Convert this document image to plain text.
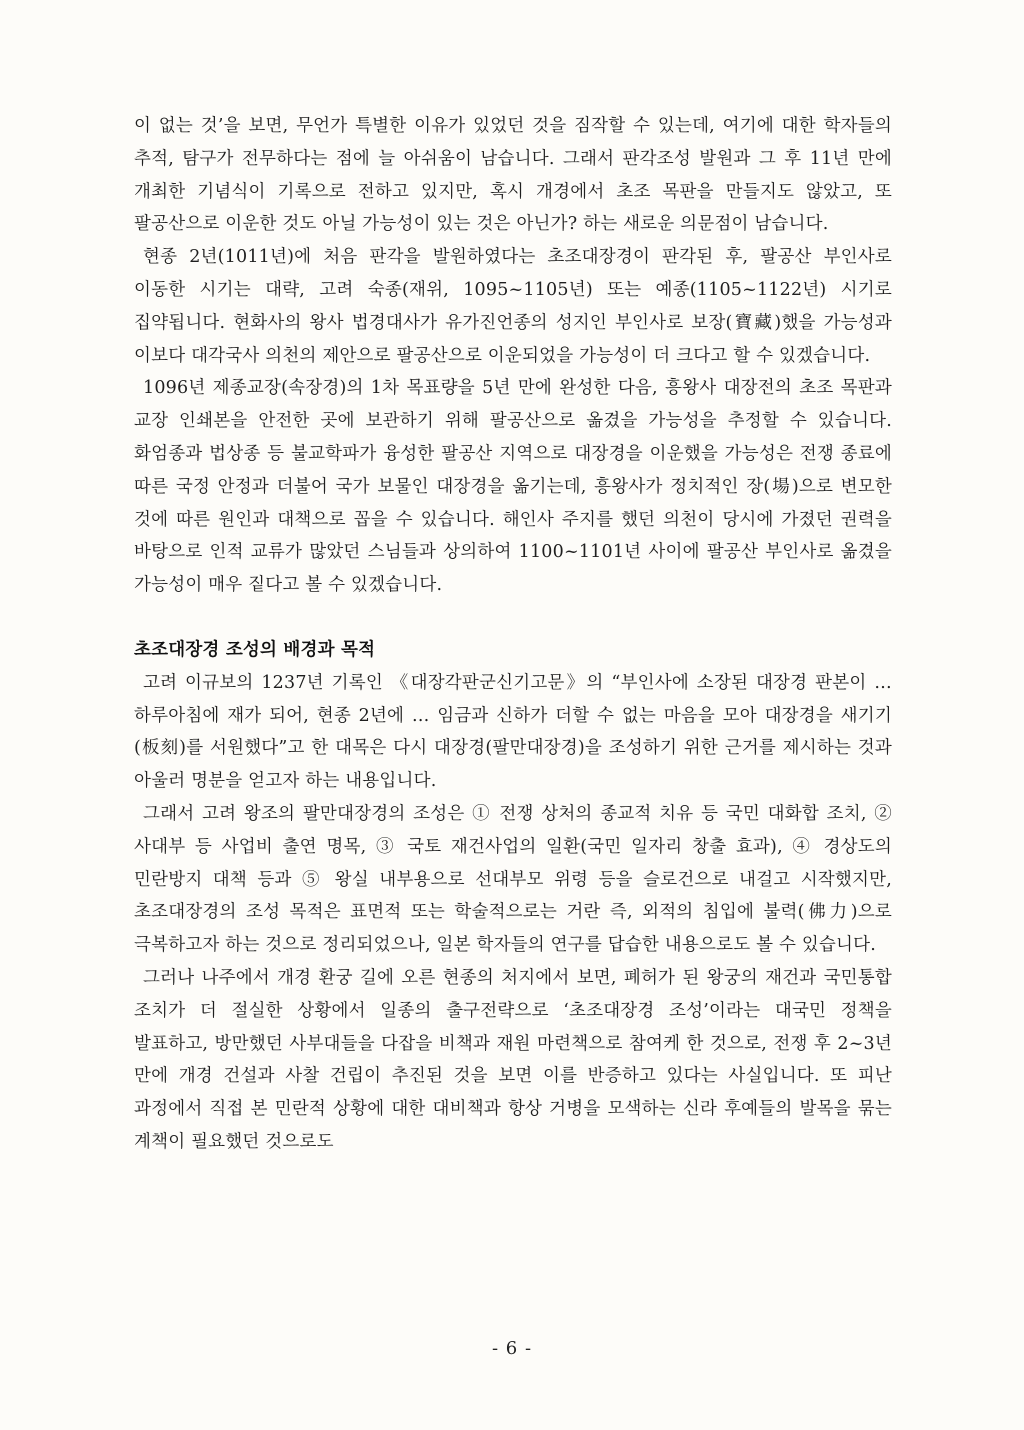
이 없는 것’을 보면, 무언가 특별한 이유가 있었던 것을 짐작할 수 있는데, 여기에 대한 학자들의 추적, 탐구가 전무하다는 점에 늘 아쉬움이 남습니다. 그래서 판각조성 발원과 그 후 11년 만에 개최한 기념식이 기록으로 전하고 있지만, 혹시 개경에서 초조 목판을 만들지도 않았고, 또 팔공산으로 이운한 것도 아닐 가능성이 있는 것은 아닌가? 하는 새로운 의문점이 남습니다.

현종 2년(1011년)에 처음 판각을 발원하였다는 초조대장경이 판각된 후, 팔공산 부인사로 이동한 시기는 대략, 고려 숙종(재위, 1095~1105년) 또는 예종(1105~1122년) 시기로 집약됩니다. 현화사의 왕사 법경대사가 유가진언종의 성지인 부인사로 보장(寶藏)했을 가능성과 이보다 대각국사 의천의 제안으로 팔공산으로 이운되었을 가능성이 더 크다고 할 수 있겠습니다.

1096년 제종교장(속장경)의 1차 목표량을 5년 만에 완성한 다음, 흥왕사 대장전의 초조 목판과 교장 인쇄본을 안전한 곳에 보관하기 위해 팔공산으로 옮겼을 가능성을 추정할 수 있습니다. 화엄종과 법상종 등 불교학파가 융성한 팔공산 지역으로 대장경을 이운했을 가능성은 전쟁 종료에 따른 국정 안정과 더불어 국가 보물인 대장경을 옮기는데, 흥왕사가 정치적인 장(場)으로 변모한 것에 따른 원인과 대책으로 꼽을 수 있습니다. 해인사 주지를 했던 의천이 당시에 가졌던 권력을 바탕으로 인적 교류가 많았던 스님들과 상의하여 1100~1101년 사이에 팔공산 부인사로 옮겼을 가능성이 매우 짙다고 볼 수 있겠습니다.

초조대장경 조성의 배경과 목적

고려 이규보의 1237년 기록인 《대장각판군신기고문》의 “부인사에 소장된 대장경 판본이 … 하루아침에 재가 되어, 현종 2년에 … 임금과 신하가 더할 수 없는 마음을 모아 대장경을 새기기(板刻)를 서원했다”고 한 대목은 다시 대장경(팔만대장경)을 조성하기 위한 근거를 제시하는 것과 아울러 명분을 얻고자 하는 내용입니다.

그래서 고려 왕조의 팔만대장경의 조성은 ① 전쟁 상처의 종교적 치유 등 국민 대화합 조치, ② 사대부 등 사업비 출연 명목, ③ 국토 재건사업의 일환(국민 일자리 창출 효과), ④ 경상도의 민란방지 대책 등과 ⑤ 왕실 내부용으로 선대부모 위령 등을 슬로건으로 내걸고 시작했지만, 초조대장경의 조성 목적은 표면적 또는 학술적으로는 거란 즉, 외적의 침입에 불력(佛力)으로 극복하고자 하는 것으로 정리되었으나, 일본 학자들의 연구를 답습한 내용으로도 볼 수 있습니다.

그러나 나주에서 개경 환궁 길에 오른 현종의 처지에서 보면, 폐허가 된 왕궁의 재건과 국민통합 조치가 더 절실한 상황에서 일종의 출구전략으로 ‘초조대장경 조성’이라는 대국민 정책을 발표하고, 방만했던 사부대들을 다잡을 비책과 재원 마련책으로 참여케 한 것으로, 전쟁 후 2~3년 만에 개경 건설과 사찰 건립이 추진된 것을 보면 이를 반증하고 있다는 사실입니다. 또 피난 과정에서 직접 본 민란적 상황에 대한 대비책과 항상 거병을 모색하는 신라 후예들의 발목을 묶는 계책이 필요했던 것으로도

- 6 -
